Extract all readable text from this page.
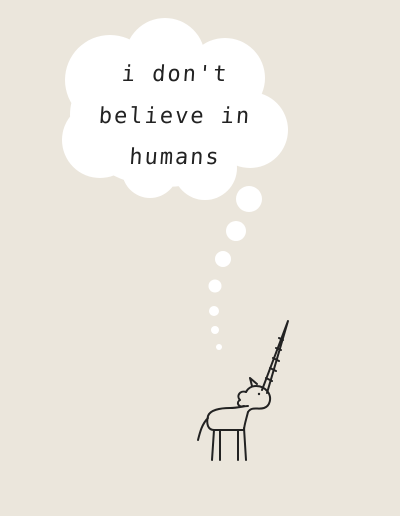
i don't
believe in
humans
